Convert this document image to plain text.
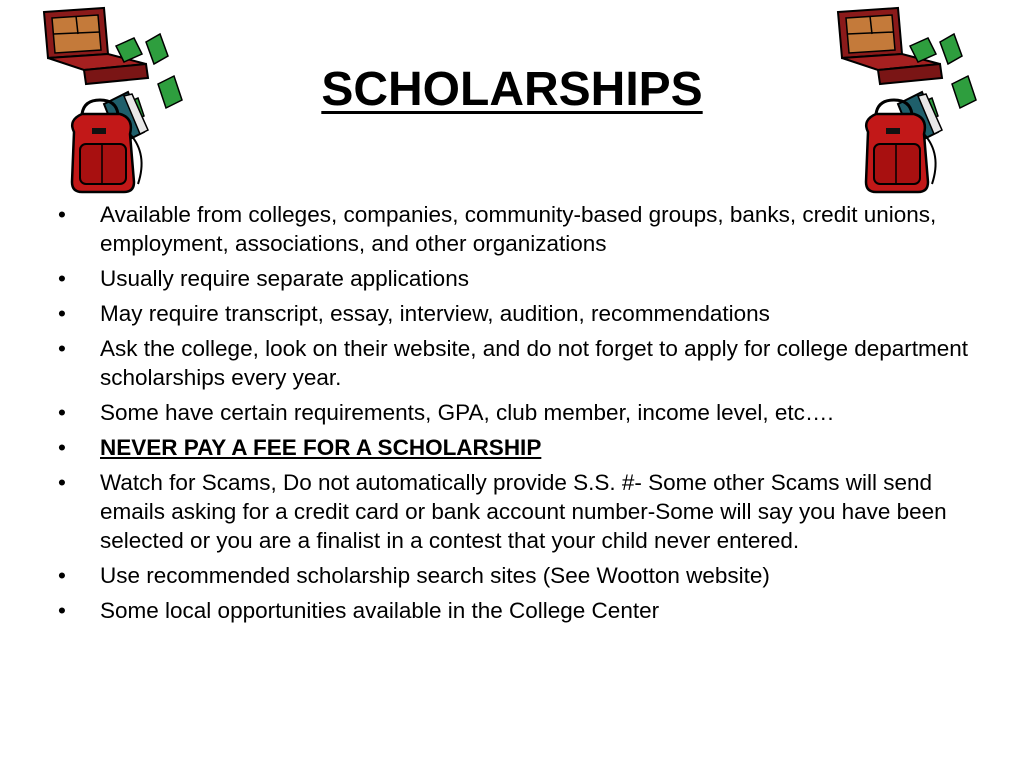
SCHOLARSHIPS
•	Available from colleges, companies, community-based groups, banks, credit unions, employment, associations, and other organizations
•	Usually require separate applications
•	May require transcript, essay, interview, audition, recommendations
•	Ask the college, look on their website, and do not forget to apply for college department scholarships every year.
•	Some have certain requirements, GPA, club member, income level, etc….
•	NEVER PAY A FEE FOR A SCHOLARSHIP
•	Watch for Scams, Do not automatically provide S.S. #- Some other Scams will send emails asking for a credit card or bank account number-Some will say you have been selected or you are a finalist in a contest that your child never entered.
•	Use recommended scholarship search sites (See Wootton website)
•	Some local opportunities available in the College Center
